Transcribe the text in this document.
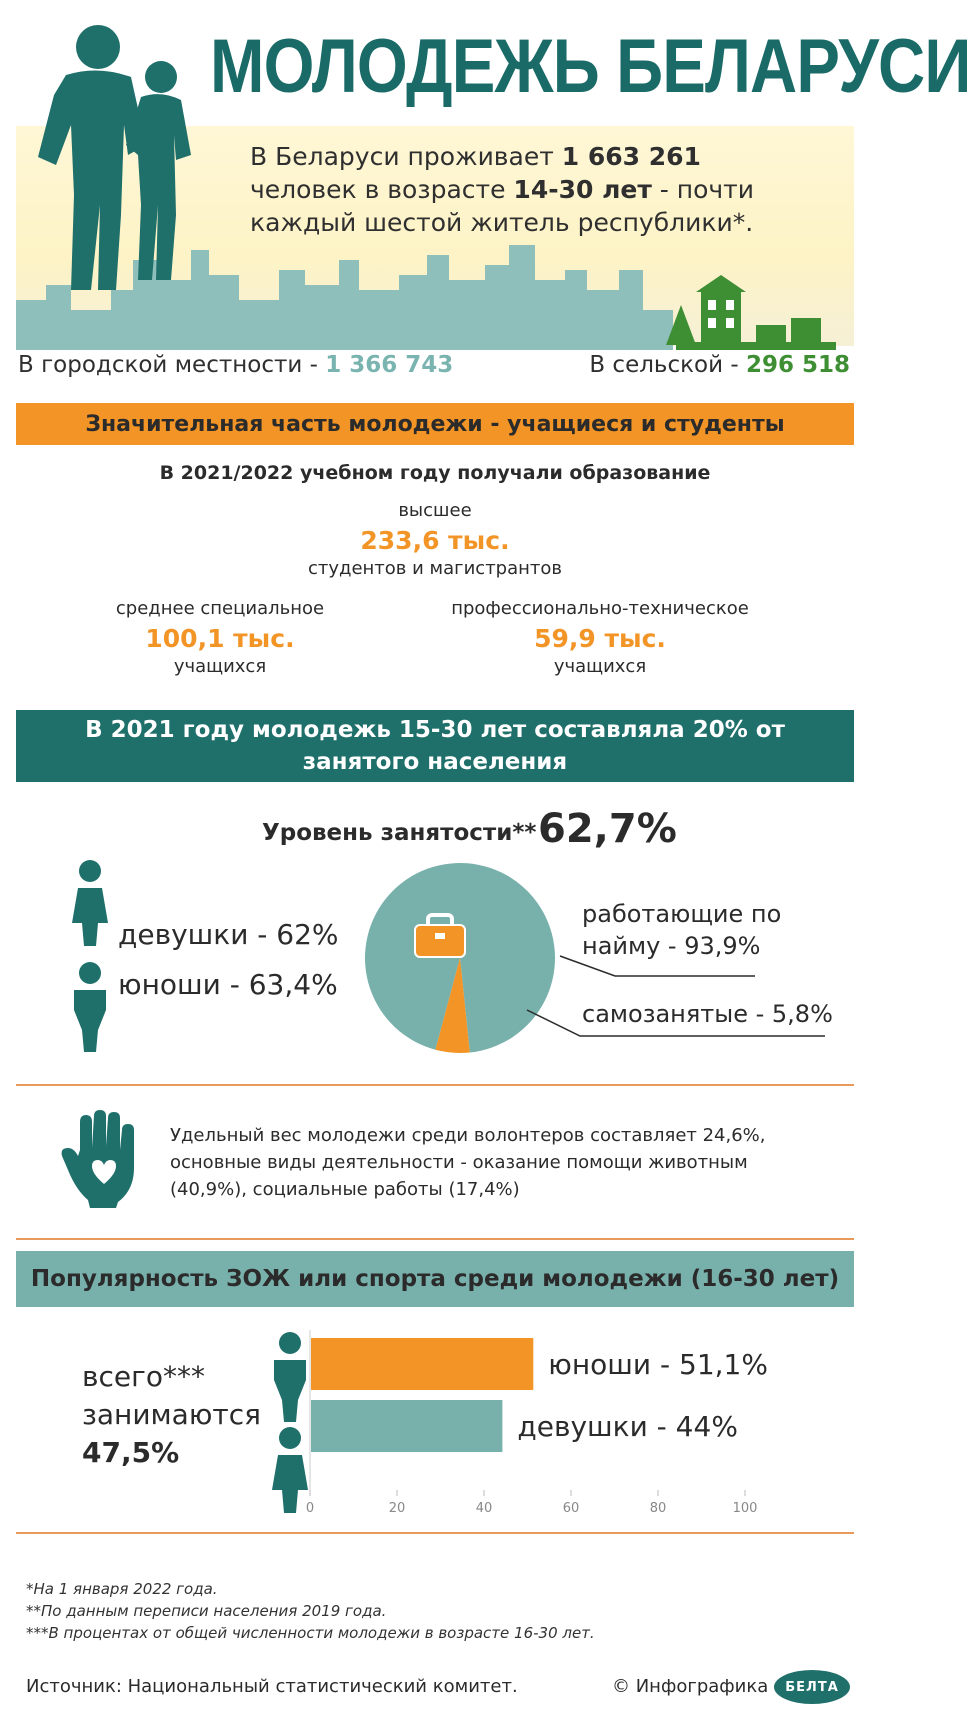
МОЛОДЕЖЬ БЕЛАРУСИ
В Беларуси проживает 1 663 261 человек в возрасте 14-30 лет - почти каждый шестой житель республики*.
В городской местности - 1 366 743	В сельской - 296 518
Значительная часть молодежи - учащиеся и студенты
В 2021/2022 учебном году получали образование
высшее
233,6 тыс.
студентов и магистрантов
среднее специальное
100,1 тыс.
учащихся
профессионально-техническое
59,9 тыс.
учащихся
В 2021 году молодежь 15-30 лет составляла 20% от
занятого населения
Уровень занятости** 62,7%
девушки - 62%
юноши - 63,4%
работающие по
найму - 93,9%
самозанятые - 5,8%
Удельный вес молодежи среди волонтеров составляет 24,6%,
основные виды деятельности - оказание помощи животным
(40,9%), социальные работы (17,4%)
Популярность ЗОЖ или спорта среди молодежи (16-30 лет)
всего***
занимаются
47,5%
юноши - 51,1%
девушки - 44%
0	20	40	60	80	100
*На 1 января 2022 года.
**По данным переписи населения 2019 года.
***В процентах от общей численности молодежи в возрасте 16-30 лет.
Источник: Национальный статистический комитет.	© Инфографика	БЕЛТА
